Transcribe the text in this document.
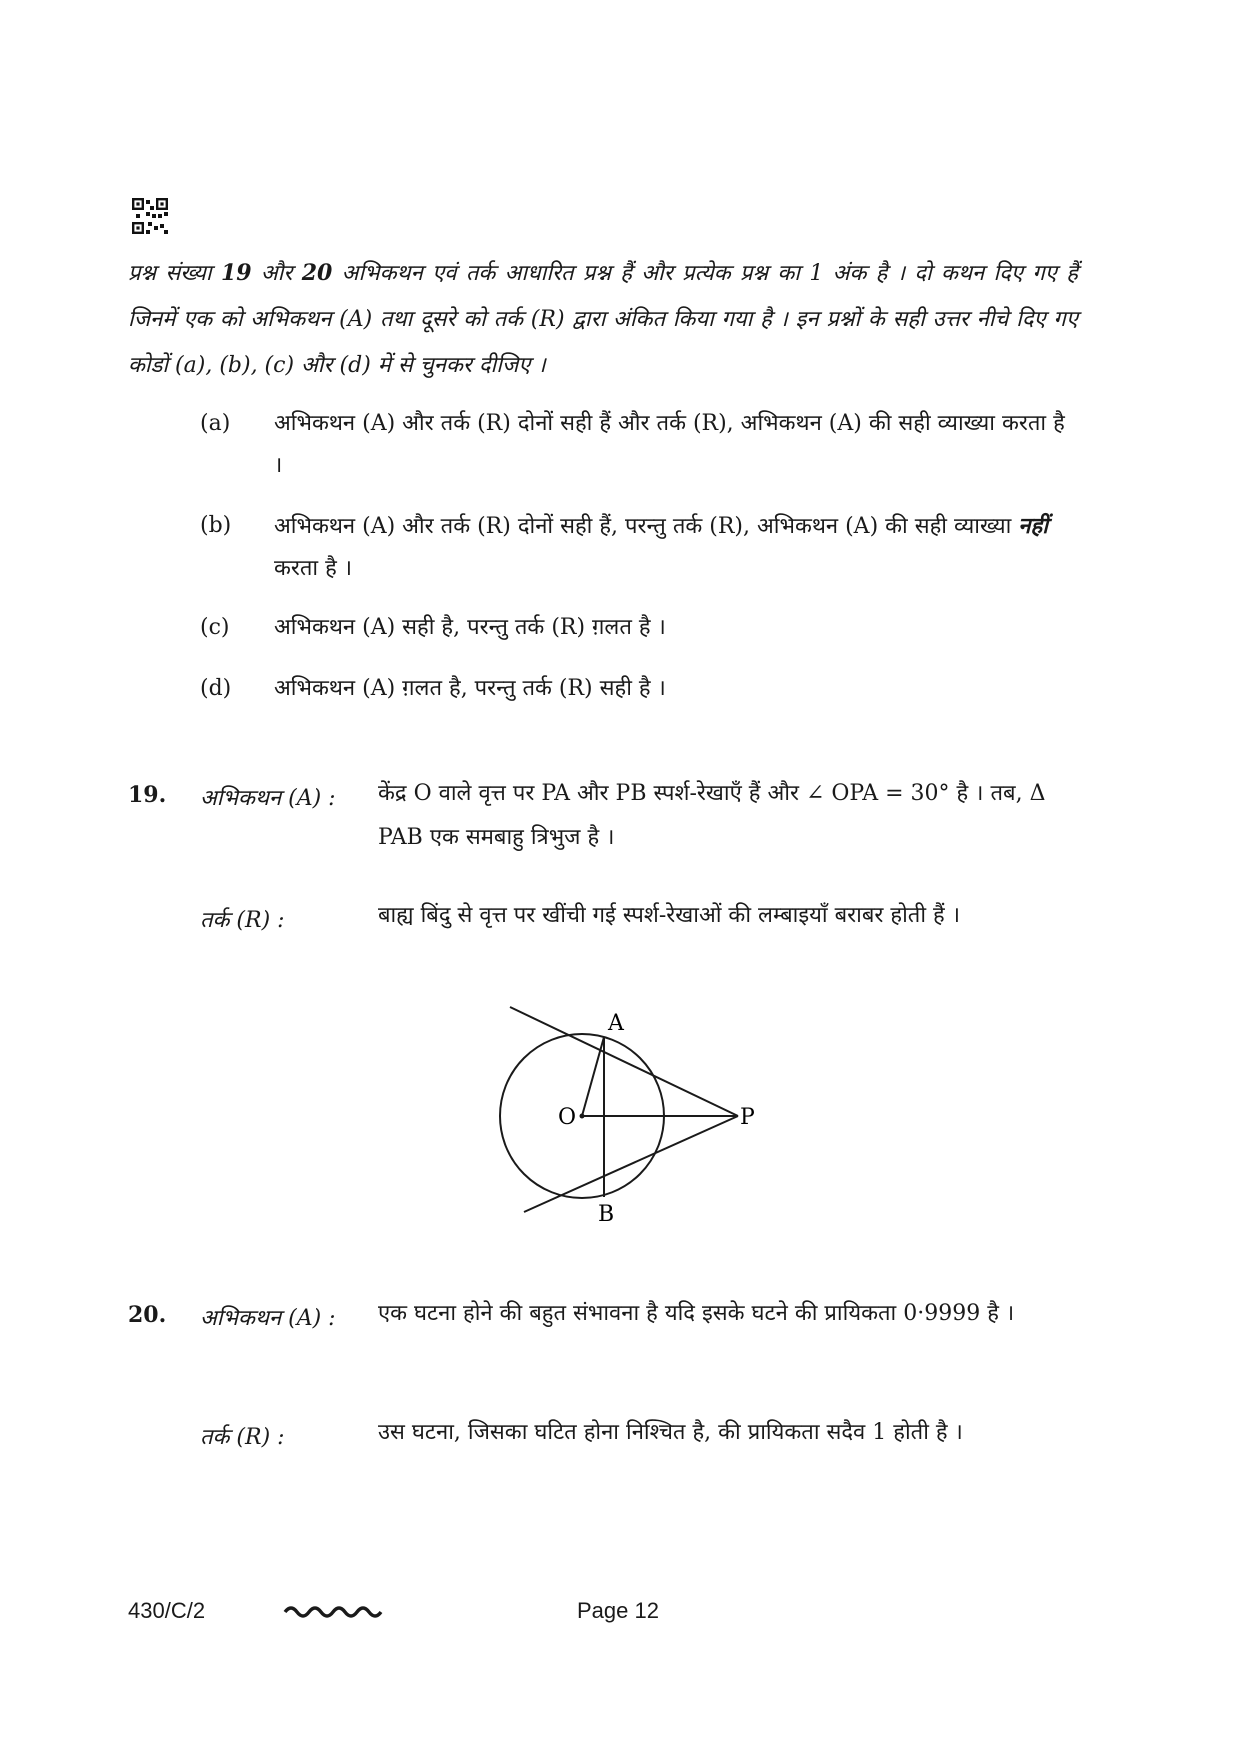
प्रश्न संख्या 19 और 20 अभिकथन एवं तर्क आधारित प्रश्न हैं और प्रत्येक प्रश्न का 1 अंक है । दो कथन दिए गए हैं जिनमें एक को अभिकथन (A) तथा दूसरे को तर्क (R) द्वारा अंकित किया गया है । इन प्रश्नों के सही उत्तर नीचे दिए गए कोडों (a), (b), (c) और (d) में से चुनकर दीजिए ।
(a)	अभिकथन (A) और तर्क (R) दोनों सही हैं और तर्क (R), अभिकथन (A) की सही व्याख्या करता है ।
(b)	अभिकथन (A) और तर्क (R) दोनों सही हैं, परन्तु तर्क (R), अभिकथन (A) की सही व्याख्या नहीं करता है ।
(c)	अभिकथन (A) सही है, परन्तु तर्क (R) ग़लत है ।
(d)	अभिकथन (A) ग़लत है, परन्तु तर्क (R) सही है ।
19. अभिकथन (A) : केंद्र O वाले वृत्त पर PA और PB स्पर्श-रेखाएँ हैं और ∠ OPA = 30° है । तब, Δ PAB एक समबाहु त्रिभुज है ।
तर्क (R) :	बाह्य बिंदु से वृत्त पर खींची गई स्पर्श-रेखाओं की लम्बाइयाँ बराबर होती हैं ।
A
B
O	P
20. अभिकथन (A) : एक घटना होने की बहुत संभावना है यदि इसके घटने की प्रायिकता 0·9999 है ।
तर्क (R) :	उस घटना, जिसका घटित होना निश्चित है, की प्रायिकता सदैव 1 होती है ।
430/C/2	Page 12
